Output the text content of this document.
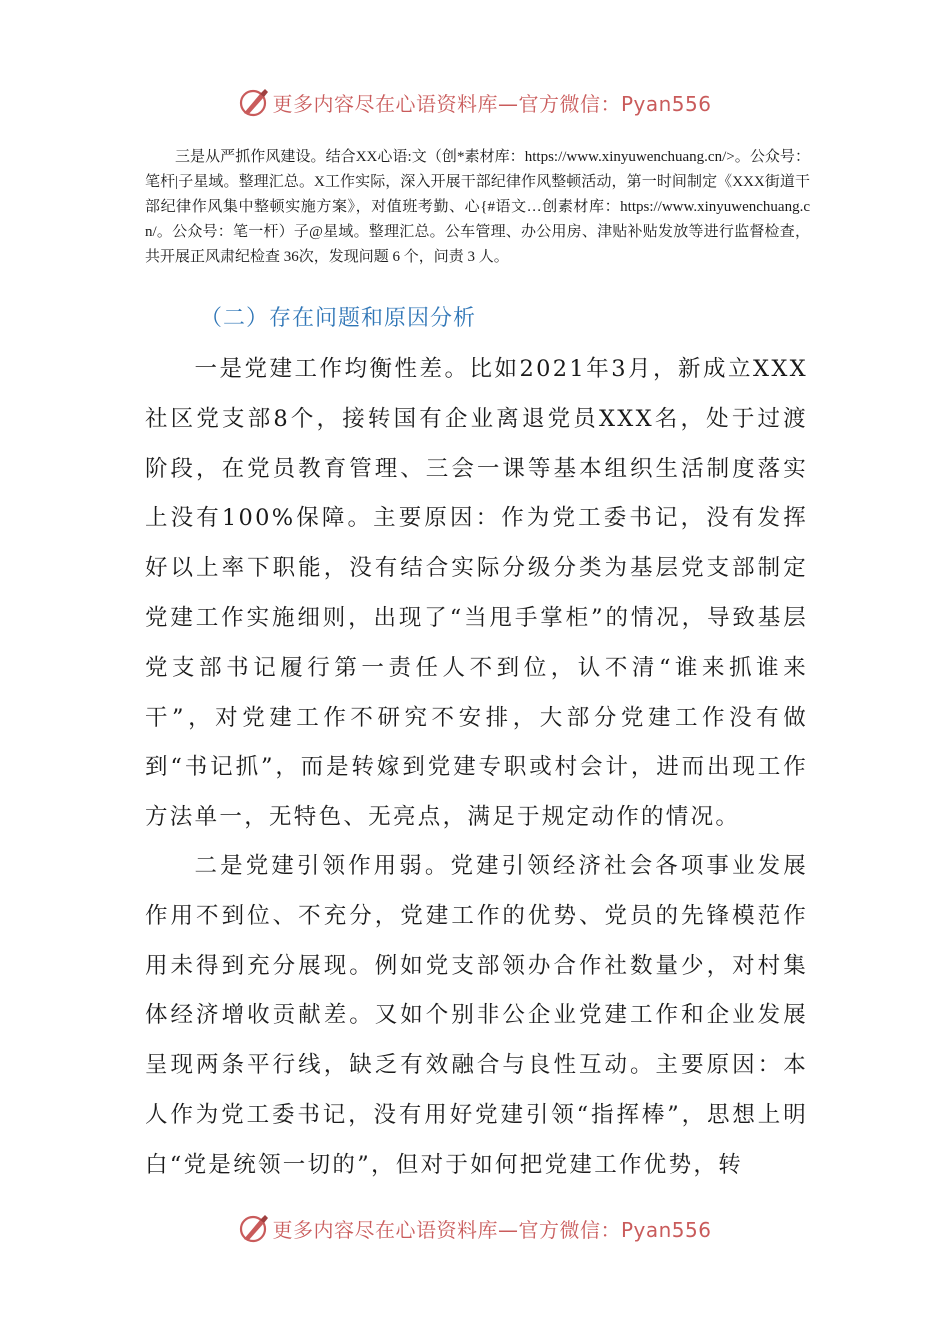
更多内容尽在心语资料库—官方微信：Pyan556

三是从严抓作风建设。结合XX心语:文（创*素材库：https://www.xinyuwenchuang.cn/>。公众号：笔杆|子星域。整理汇总。X工作实际，深入开展干部纪律作风整顿活动，第一时间制定《XXX街道干部纪律作风集中整顿实施方案》，对值班考勤、心{#语文…创素材库：https://www.xinyuwenchuang.cn/。公众号：笔一杆）子@星域。整理汇总。公车管理、办公用房、津贴补贴发放等进行监督检查，共开展正风肃纪检查 36次，发现问题 6 个，问责 3 人。

（二）存在问题和原因分析

一是党建工作均衡性差。比如2021年3月，新成立XXX社区党支部8个，接转国有企业离退党员XXX名，处于过渡阶段，在党员教育管理、三会一课等基本组织生活制度落实上没有100%保障。主要原因：作为党工委书记，没有发挥好以上率下职能，没有结合实际分级分类为基层党支部制定党建工作实施细则，出现了“当甩手掌柜”的情况，导致基层党支部书记履行第一责任人不到位，认不清“谁来抓谁来干”，对党建工作不研究不安排，大部分党建工作没有做到“书记抓”，而是转嫁到党建专职或村会计，进而出现工作方法单一，无特色、无亮点，满足于规定动作的情况。

二是党建引领作用弱。党建引领经济社会各项事业发展作用不到位、不充分，党建工作的优势、党员的先锋模范作用未得到充分展现。例如党支部领办合作社数量少，对村集体经济增收贡献差。又如个别非公企业党建工作和企业发展呈现两条平行线，缺乏有效融合与良性互动。主要原因：本人作为党工委书记，没有用好党建引领“指挥棒”，思想上明白“党是统领一切的”，但对于如何把党建工作优势，转

更多内容尽在心语资料库—官方微信：Pyan556
